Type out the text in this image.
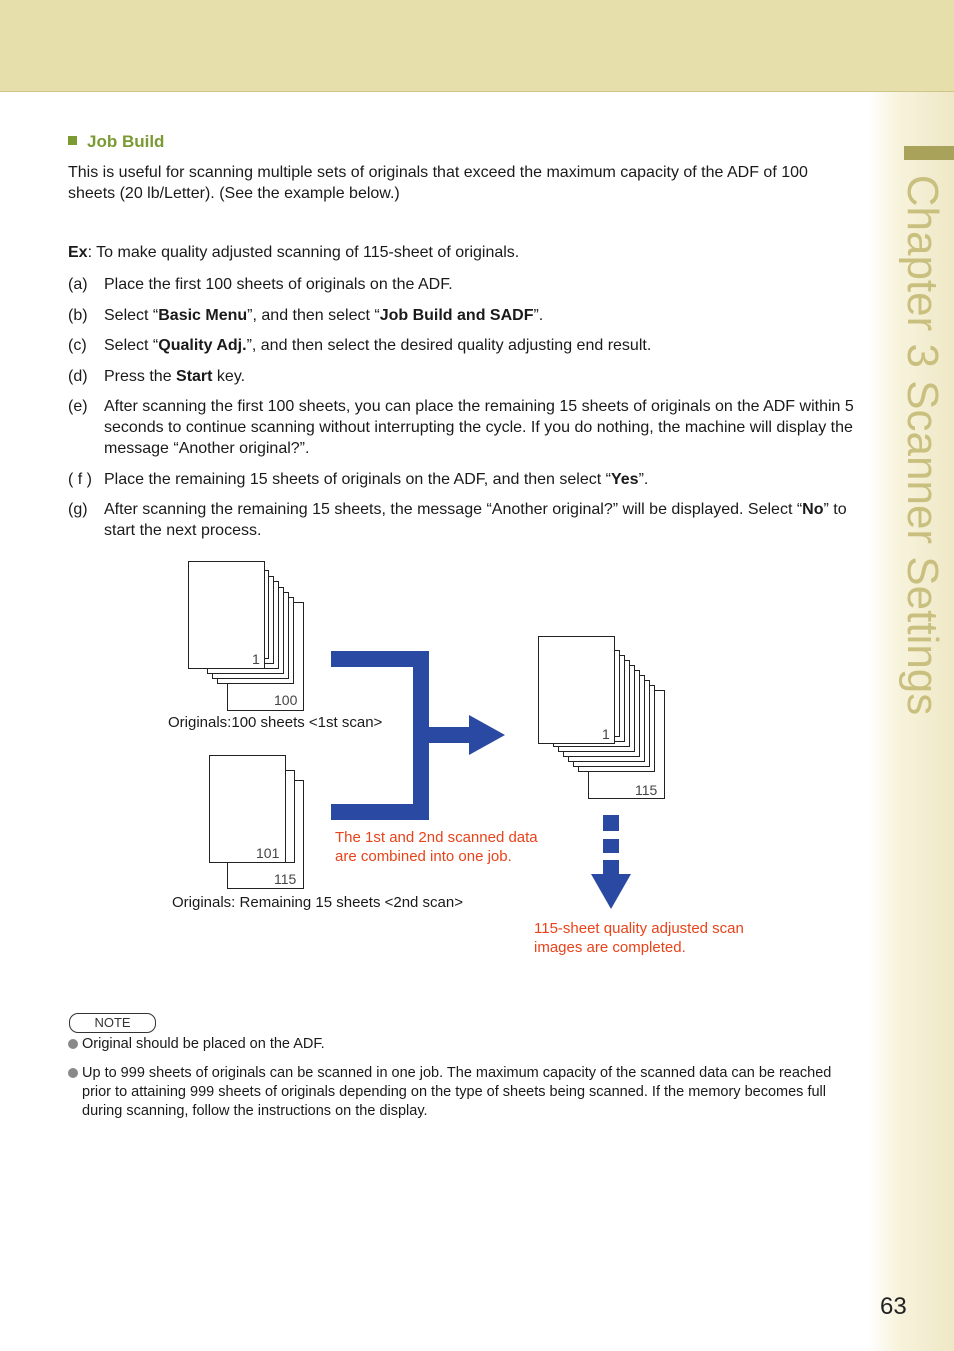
Chapter 3 Scanner Settings
63
Job Build
This is useful for scanning multiple sets of originals that exceed the maximum capacity of the ADF of 100 sheets (20 lb/Letter). (See the example below.)
Ex: To make quality adjusted scanning of 115-sheet of originals.
(a)	Place the first 100 sheets of originals on the ADF.
(b)	Select “Basic Menu”, and then select “Job Build and SADF”.
(c)	Select “Quality Adj.”, and then select the desired quality adjusting end result.
(d)	Press the Start key.
(e)	After scanning the first 100 sheets, you can place the remaining 15 sheets of originals on the ADF within 5 seconds to continue scanning without interrupting the cycle. If you do nothing, the machine will display the message “Another original?”.
( f ) Place the remaining 15 sheets of originals on the ADF, and then select “Yes”.
(g)	After scanning the remaining 15 sheets, the message “Another original?” will be displayed. Select “No” to start the next process.
1
100
Originals:100 sheets <1st scan>
101
115
Originals: Remaining 15 sheets <2nd scan>
1
115
The 1st and 2nd scanned data
are combined into one job.
115-sheet quality adjusted scan
images are completed.
NOTE
Original should be placed on the ADF.
Up to 999 sheets of originals can be scanned in one job. The maximum capacity of the scanned data can be reached prior to attaining 999 sheets of originals depending on the type of sheets being scanned. If the memory becomes full during scanning, follow the instructions on the display.
